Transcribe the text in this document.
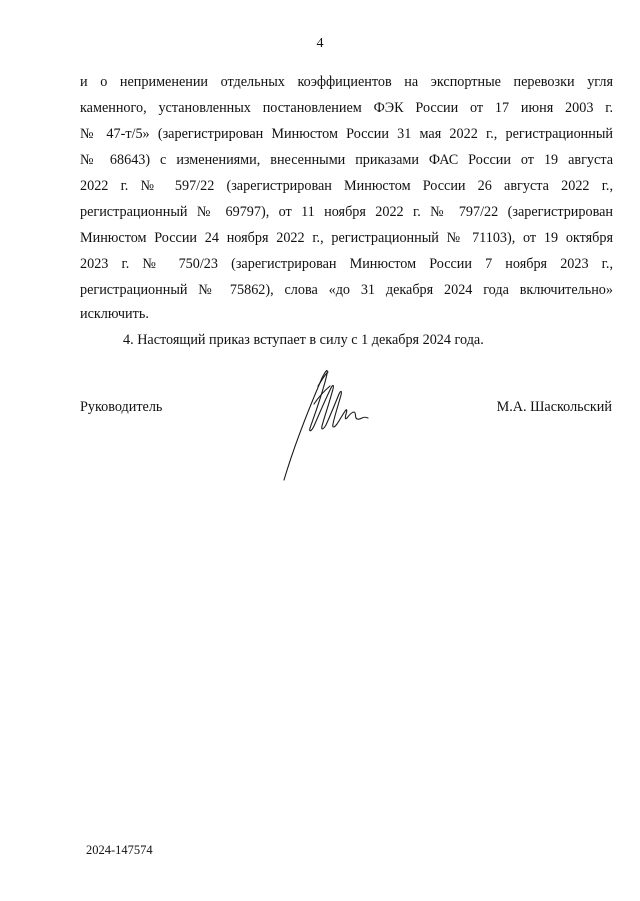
4
и о неприменении отдельных коэффициентов на экспортные перевозки угля
каменного, установленных постановлением ФЭК России от 17 июня 2003 г.
№ 47-т/5» (зарегистрирован Минюстом России 31 мая 2022 г., регистрационный
№ 68643) с изменениями, внесенными приказами ФАС России от 19 августа
2022 г. № 597/22 (зарегистрирован Минюстом России 26 августа 2022 г.,
регистрационный № 69797), от 11 ноября 2022 г. № 797/22 (зарегистрирован
Минюстом России 24 ноября 2022 г., регистрационный № 71103), от 19 октября
2023 г. № 750/23 (зарегистрирован Минюстом России 7 ноября 2023 г.,
регистрационный № 75862), слова «до 31 декабря 2024 года включительно»
исключить.
4. Настоящий приказ вступает в силу с 1 декабря 2024 года.
Руководитель	М.А. Шаскольский
2024-147574
